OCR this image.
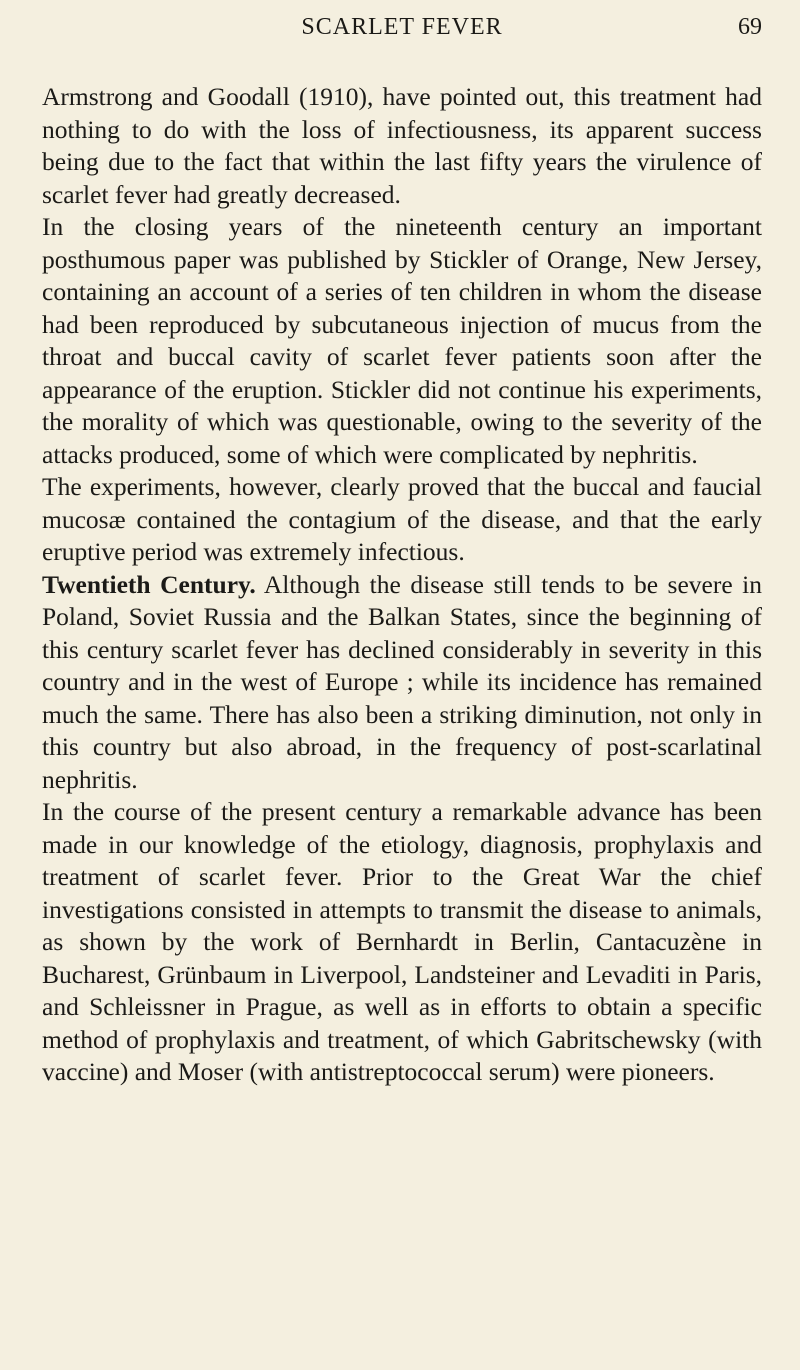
SCARLET FEVER	69

Armstrong and Goodall (1910), have pointed out, this treatment had nothing to do with the loss of infectiousness, its apparent success being due to the fact that within the last fifty years the virulence of scarlet fever had greatly decreased.

In the closing years of the nineteenth century an important posthumous paper was published by Stickler of Orange, New Jersey, containing an account of a series of ten children in whom the disease had been reproduced by subcutaneous injection of mucus from the throat and buccal cavity of scarlet fever patients soon after the appearance of the eruption. Stickler did not continue his experiments, the morality of which was questionable, owing to the severity of the attacks produced, some of which were complicated by nephritis.

The experiments, however, clearly proved that the buccal and faucial mucosæ contained the contagium of the disease, and that the early eruptive period was extremely infectious.

Twentieth Century. Although the disease still tends to be severe in Poland, Soviet Russia and the Balkan States, since the beginning of this century scarlet fever has declined considerably in severity in this country and in the west of Europe ; while its incidence has remained much the same. There has also been a striking diminution, not only in this country but also abroad, in the frequency of post-scarlatinal nephritis.

In the course of the present century a remarkable advance has been made in our knowledge of the etiology, diagnosis, prophylaxis and treatment of scarlet fever. Prior to the Great War the chief investigations consisted in attempts to transmit the disease to animals, as shown by the work of Bernhardt in Berlin, Cantacuzène in Bucharest, Grünbaum in Liverpool, Landsteiner and Levaditi in Paris, and Schleissner in Prague, as well as in efforts to obtain a specific method of prophylaxis and treatment, of which Gabritschewsky (with vaccine) and Moser (with antistreptococcal serum) were pioneers.
